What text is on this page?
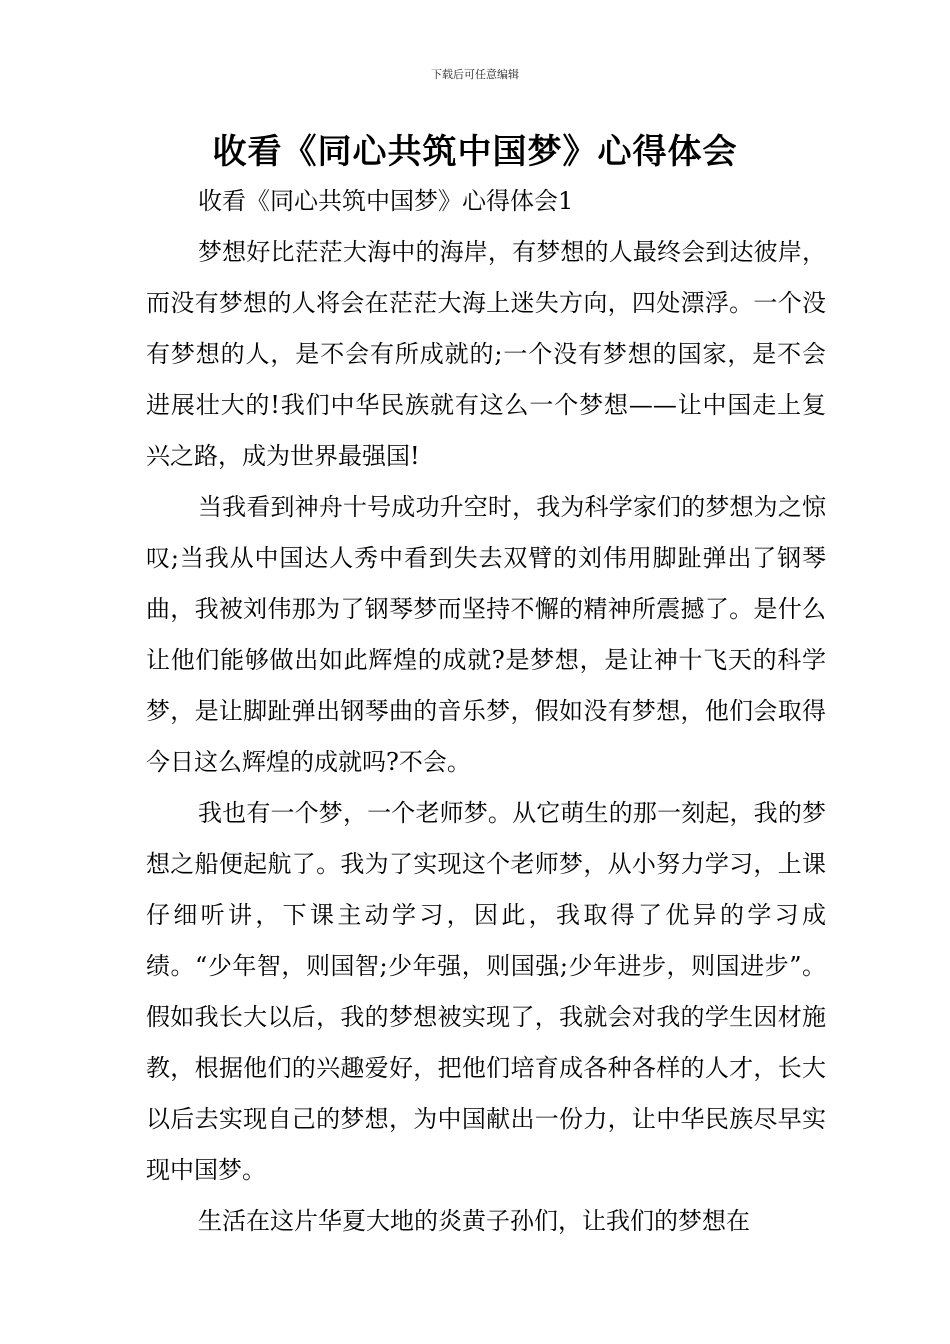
下载后可任意编辑
收看《同心共筑中国梦》心得体会

收看《同心共筑中国梦》心得体会1

梦想好比茫茫大海中的海岸，有梦想的人最终会到达彼岸，而没有梦想的人将会在茫茫大海上迷失方向，四处漂浮。一个没有梦想的人，是不会有所成就的;一个没有梦想的国家，是不会进展壮大的!我们中华民族就有这么一个梦想——让中国走上复兴之路，成为世界最强国!

当我看到神舟十号成功升空时，我为科学家们的梦想为之惊叹;当我从中国达人秀中看到失去双臂的刘伟用脚趾弹出了钢琴曲，我被刘伟那为了钢琴梦而坚持不懈的精神所震撼了。是什么让他们能够做出如此辉煌的成就?是梦想，是让神十飞天的科学梦，是让脚趾弹出钢琴曲的音乐梦，假如没有梦想，他们会取得今日这么辉煌的成就吗?不会。

我也有一个梦，一个老师梦。从它萌生的那一刻起，我的梦想之船便起航了。我为了实现这个老师梦，从小努力学习，上课仔细听讲，下课主动学习，因此，我取得了优异的学习成绩。“少年智，则国智;少年强，则国强;少年进步，则国进步”。假如我长大以后，我的梦想被实现了，我就会对我的学生因材施教，根据他们的兴趣爱好，把他们培育成各种各样的人才，长大以后去实现自己的梦想，为中国献出一份力，让中华民族尽早实现中国梦。

生活在这片华夏大地的炎黄子孙们，让我们的梦想在
